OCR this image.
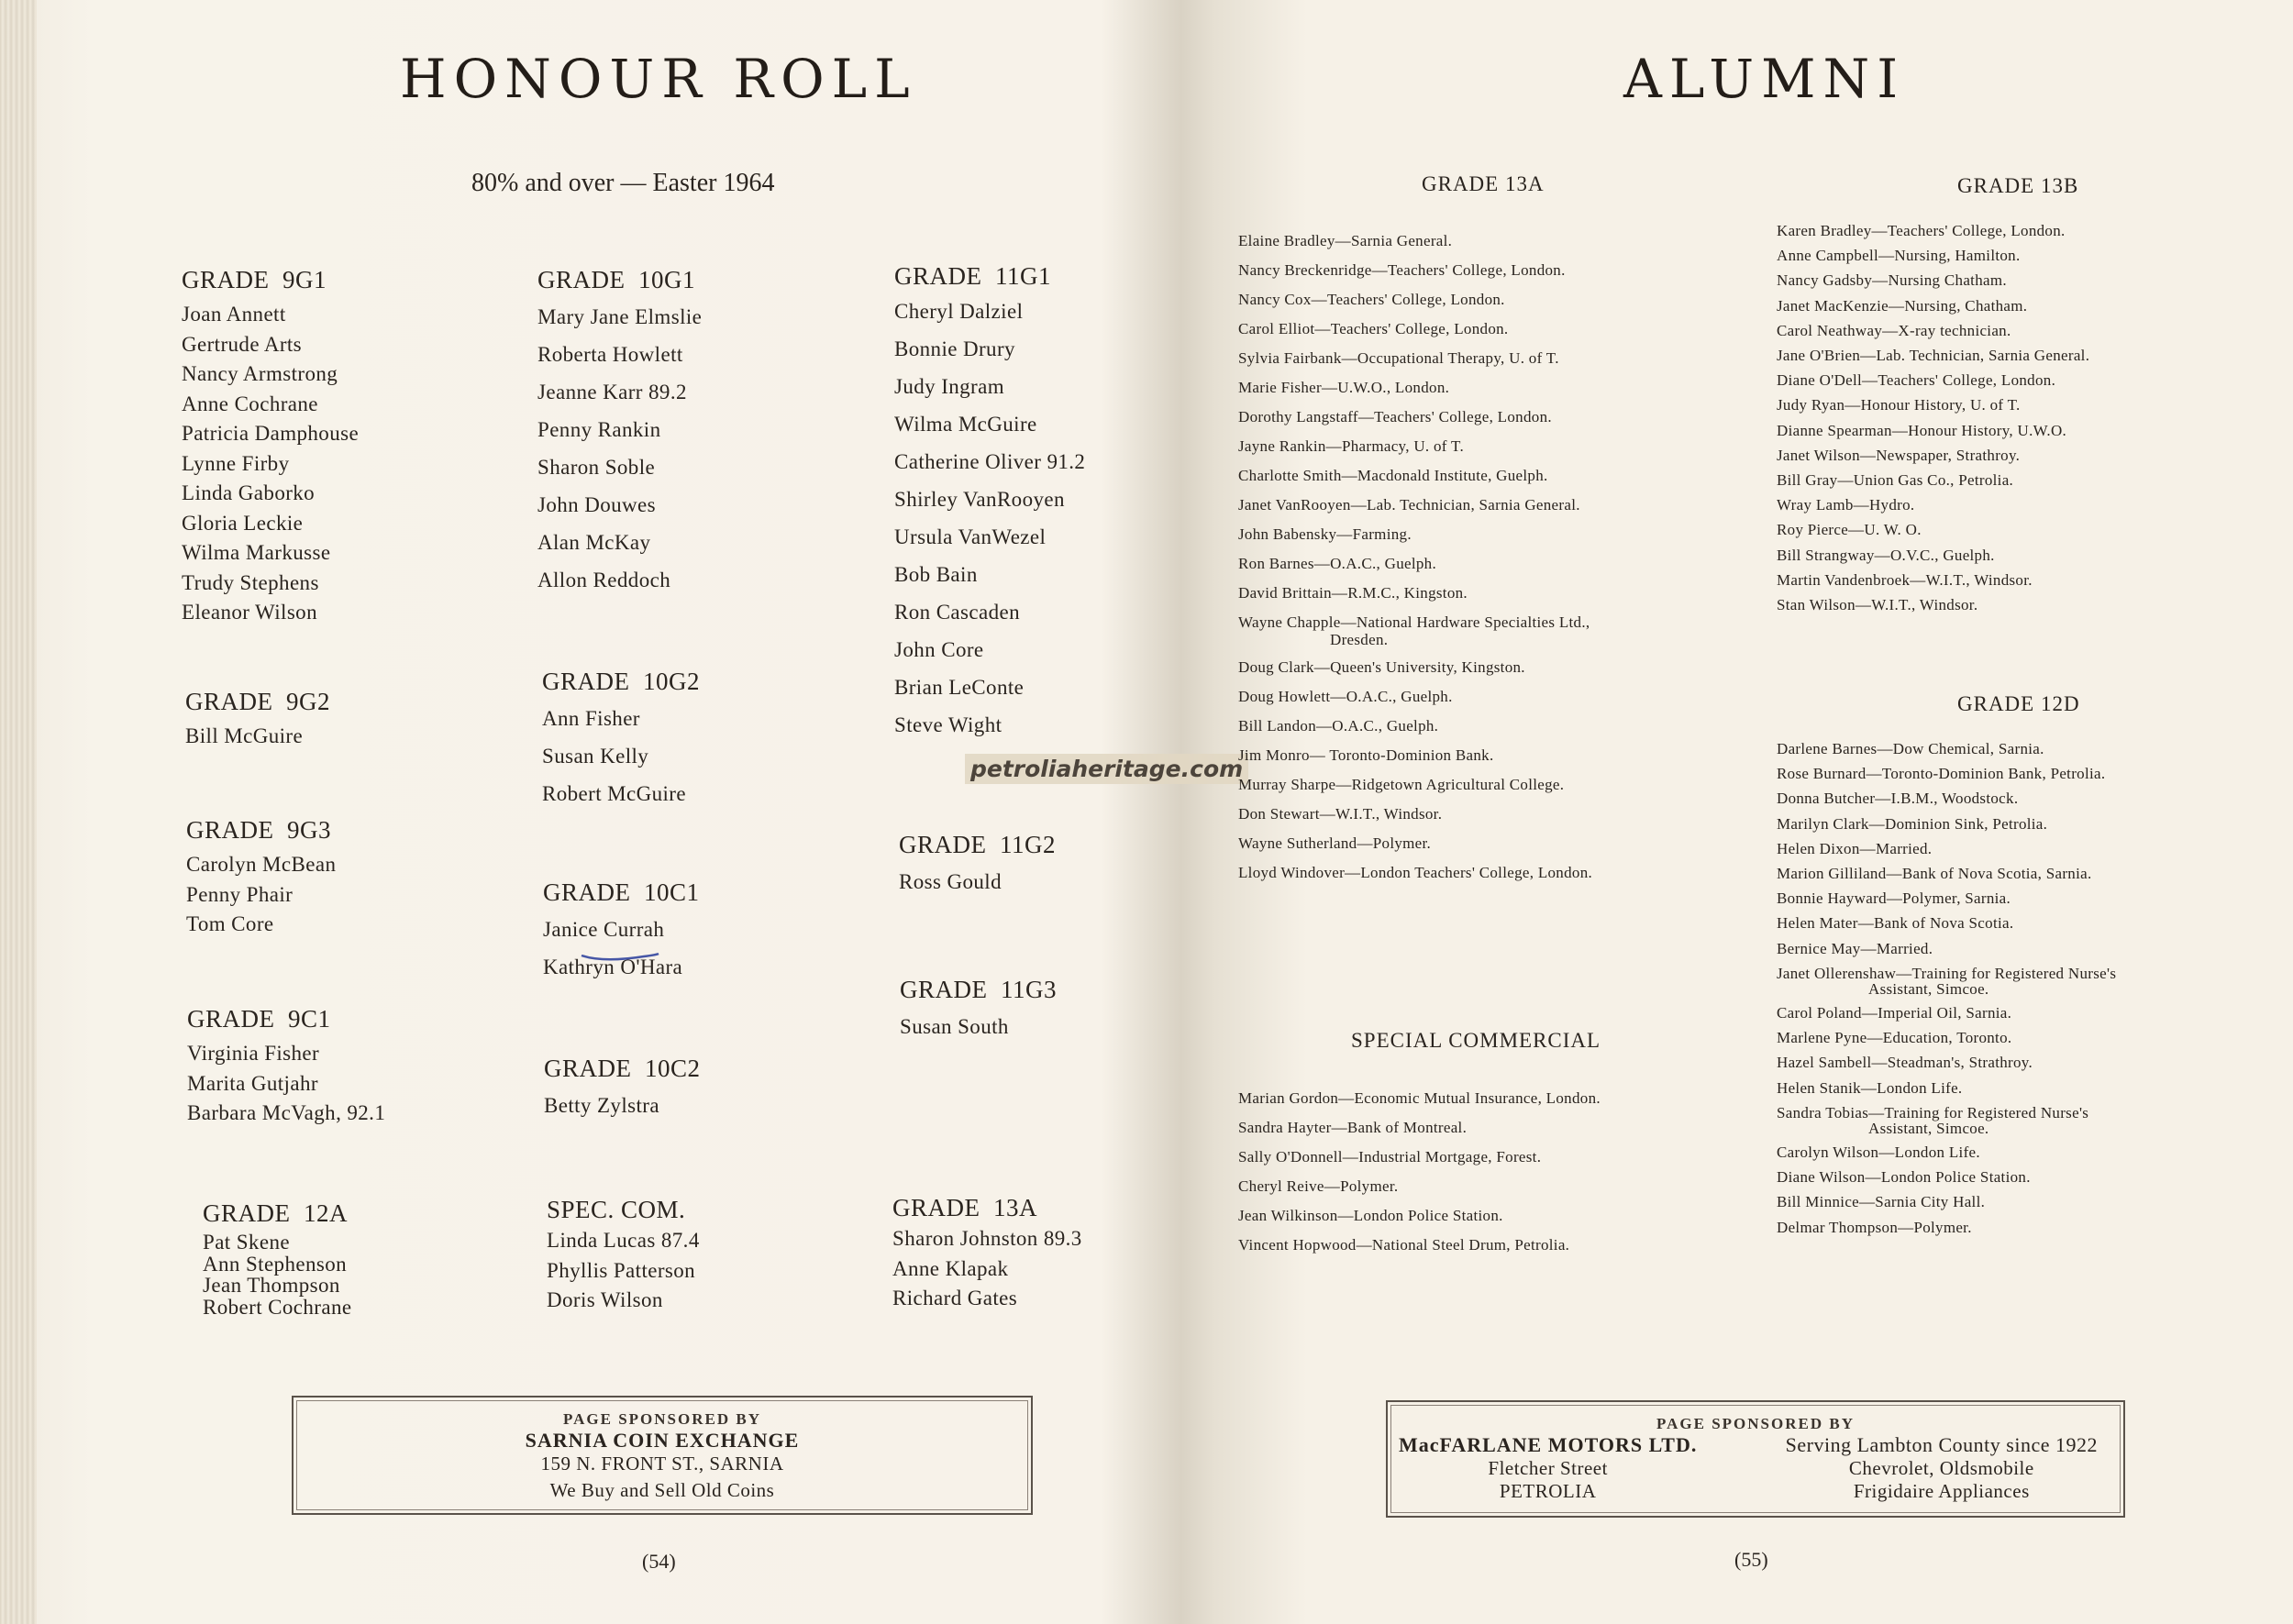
HONOUR ROLL
80% and over — Easter 1964
GRADE 9G1
Joan Annett
Gertrude Arts
Nancy Armstrong
Anne Cochrane
Patricia Damphouse
Lynne Firby
Linda Gaborko
Gloria Leckie
Wilma Markusse
Trudy Stephens
Eleanor Wilson
GRADE 9G2
Bill McGuire
GRADE 9G3
Carolyn McBean
Penny Phair
Tom Core
GRADE 9C1
Virginia Fisher
Marita Gutjahr
Barbara McVagh, 92.1
GRADE 12A
Pat Skene
Ann Stephenson
Jean Thompson
Robert Cochrane
GRADE 10G1
Mary Jane Elmslie
Roberta Howlett
Jeanne Karr 89.2
Penny Rankin
Sharon Soble
John Douwes
Alan McKay
Allon Reddoch
GRADE 10G2
Ann Fisher
Susan Kelly
Robert McGuire
GRADE 10C1
Janice Currah
Kathryn O'Hara
GRADE 10C2
Betty Zylstra
SPEC. COM.
Linda Lucas 87.4
Phyllis Patterson
Doris Wilson
GRADE 11G1
Cheryl Dalziel
Bonnie Drury
Judy Ingram
Wilma McGuire
Catherine Oliver 91.2
Shirley VanRooyen
Ursula VanWezel
Bob Bain
Ron Cascaden
John Core
Brian LeConte
Steve Wight
GRADE 11G2
Ross Gould
GRADE 11G3
Susan South
GRADE 13A
Sharon Johnston 89.3
Anne Klapak
Richard Gates
petroliaheritage.com
PAGE SPONSORED BY
SARNIA COIN EXCHANGE
159 N. FRONT ST., SARNIA
We Buy and Sell Old Coins
(54)
ALUMNI
GRADE 13A
Elaine Bradley—Sarnia General.
Nancy Breckenridge—Teachers' College, London.
Nancy Cox—Teachers' College, London.
Carol Elliot—Teachers' College, London.
Sylvia Fairbank—Occupational Therapy, U. of T.
Marie Fisher—U.W.O., London.
Dorothy Langstaff—Teachers' College, London.
Jayne Rankin—Pharmacy, U. of T.
Charlotte Smith—Macdonald Institute, Guelph.
Janet VanRooyen—Lab. Technician, Sarnia General.
John Babensky—Farming.
Ron Barnes—O.A.C., Guelph.
David Brittain—R.M.C., Kingston.
Wayne Chapple—National Hardware Specialties Ltd.,
Dresden.
Doug Clark—Queen's University, Kingston.
Doug Howlett—O.A.C., Guelph.
Bill Landon—O.A.C., Guelph.
Jim Monro— Toronto-Dominion Bank.
Murray Sharpe—Ridgetown Agricultural College.
Don Stewart—W.I.T., Windsor.
Wayne Sutherland—Polymer.
Lloyd Windover—London Teachers' College, London.
SPECIAL COMMERCIAL
Marian Gordon—Economic Mutual Insurance, London.
Sandra Hayter—Bank of Montreal.
Sally O'Donnell—Industrial Mortgage, Forest.
Cheryl Reive—Polymer.
Jean Wilkinson—London Police Station.
Vincent Hopwood—National Steel Drum, Petrolia.
GRADE 13B
Karen Bradley—Teachers' College, London.
Anne Campbell—Nursing, Hamilton.
Nancy Gadsby—Nursing Chatham.
Janet MacKenzie—Nursing, Chatham.
Carol Neathway—X-ray technician.
Jane O'Brien—Lab. Technician, Sarnia General.
Diane O'Dell—Teachers' College, London.
Judy Ryan—Honour History, U. of T.
Dianne Spearman—Honour History, U.W.O.
Janet Wilson—Newspaper, Strathroy.
Bill Gray—Union Gas Co., Petrolia.
Wray Lamb—Hydro.
Roy Pierce—U. W. O.
Bill Strangway—O.V.C., Guelph.
Martin Vandenbroek—W.I.T., Windsor.
Stan Wilson—W.I.T., Windsor.
GRADE 12D
Darlene Barnes—Dow Chemical, Sarnia.
Rose Burnard—Toronto-Dominion Bank, Petrolia.
Donna Butcher—I.B.M., Woodstock.
Marilyn Clark—Dominion Sink, Petrolia.
Helen Dixon—Married.
Marion Gilliland—Bank of Nova Scotia, Sarnia.
Bonnie Hayward—Polymer, Sarnia.
Helen Mater—Bank of Nova Scotia.
Bernice May—Married.
Janet Ollerenshaw—Training for Registered Nurse's
Assistant, Simcoe.
Carol Poland—Imperial Oil, Sarnia.
Marlene Pyne—Education, Toronto.
Hazel Sambell—Steadman's, Strathroy.
Helen Stanik—London Life.
Sandra Tobias—Training for Registered Nurse's
Assistant, Simcoe.
Carolyn Wilson—London Life.
Diane Wilson—London Police Station.
Bill Minnice—Sarnia City Hall.
Delmar Thompson—Polymer.
PAGE SPONSORED BY
MacFARLANE MOTORS LTD.
Fletcher Street
PETROLIA
Serving Lambton County since 1922
Chevrolet, Oldsmobile
Frigidaire Appliances
(55)
